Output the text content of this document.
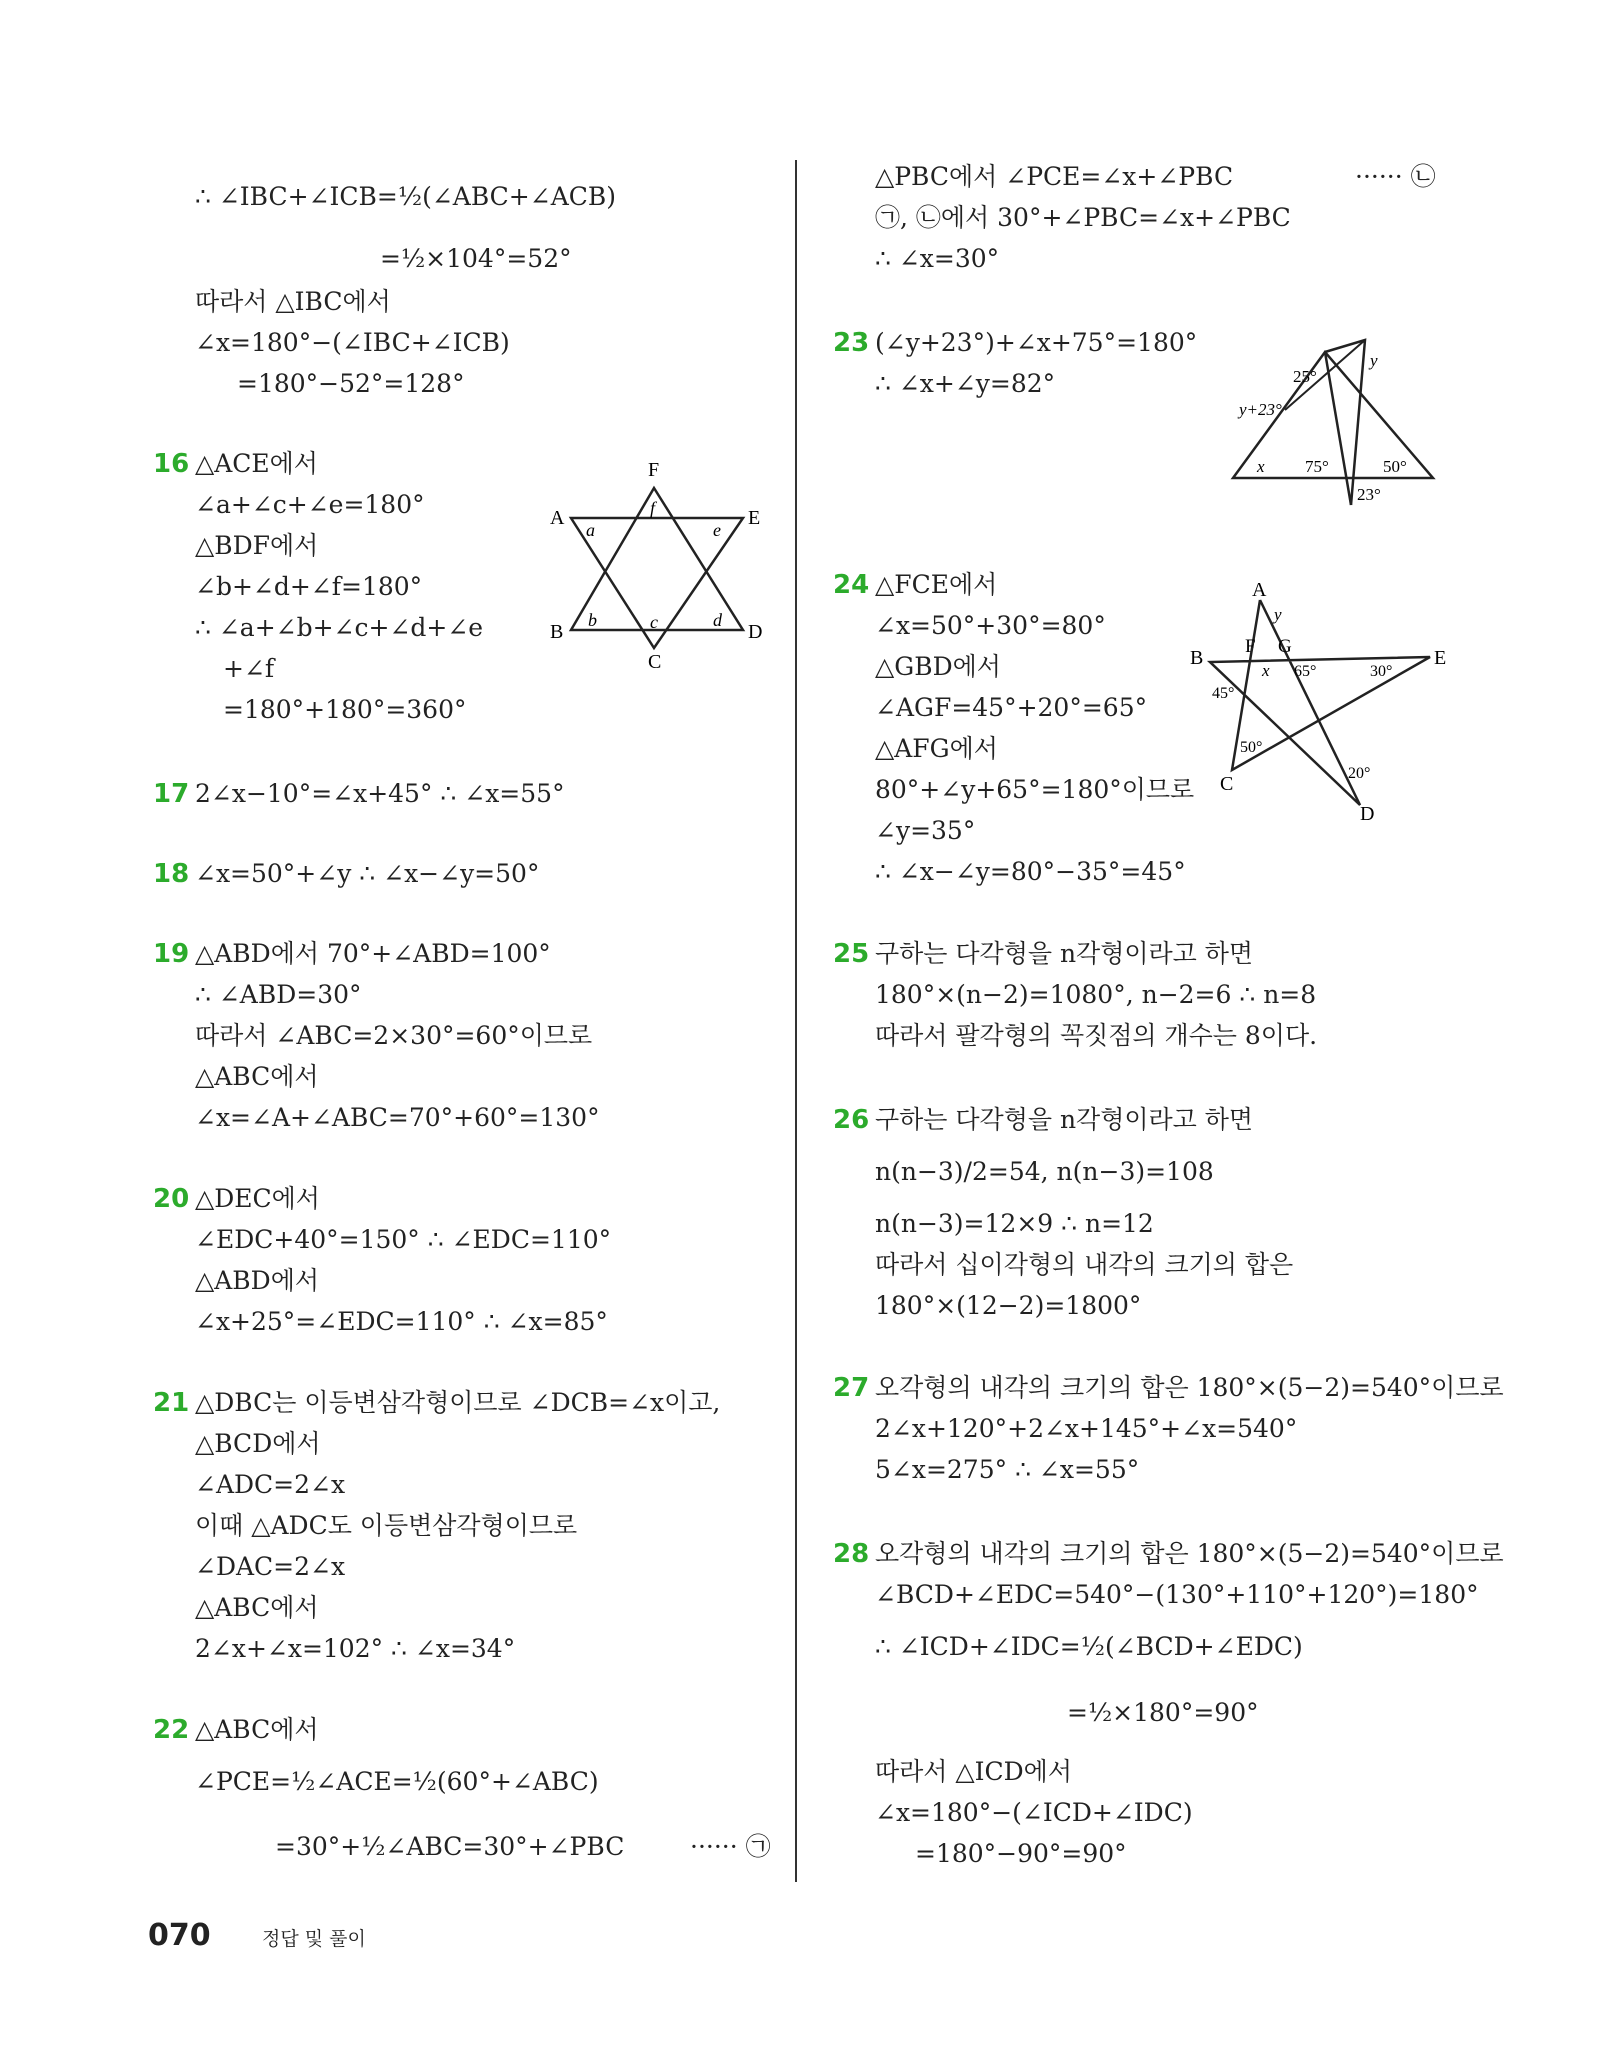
∴ ∠IBC+∠ICB=½(∠ABC+∠ACB)
=½×104°=52°
따라서 △IBC에서
∠x=180°−(∠IBC+∠ICB)
=180°−52°=128°
△ACE에서
∠a+∠c+∠e=180°
△BDF에서
∠b+∠d+∠f=180°
∴ ∠a+∠b+∠c+∠d+∠e
+∠f
=180°+180°=360°
2∠x−10°=∠x+45° ∴ ∠x=55°
∠x=50°+∠y ∴ ∠x−∠y=50°
△ABD에서 70°+∠ABD=100°
∴ ∠ABD=30°
따라서 ∠ABC=2×30°=60°이므로
△ABC에서
∠x=∠A+∠ABC=70°+60°=130°
△DEC에서
∠EDC+40°=150° ∴ ∠EDC=110°
△ABD에서
∠x+25°=∠EDC=110° ∴ ∠x=85°
△DBC는 이등변삼각형이므로 ∠DCB=∠x이고,
△BCD에서
∠ADC=2∠x
이때 △ADC도 이등변삼각형이므로
∠DAC=2∠x
△ABC에서
2∠x+∠x=102° ∴ ∠x=34°
△ABC에서
∠PCE=½∠ACE=½(60°+∠ABC)
=30°+½∠ABC=30°+∠PBC	······ ㉠
16
17
18
19
20
21
22
△PBC에서 ∠PCE=∠x+∠PBC	······ ㉡
㉠, ㉡에서 30°+∠PBC=∠x+∠PBC
∴ ∠x=30°
(∠y+23°)+∠x+75°=180°
∴ ∠x+∠y=82°
△FCE에서
∠x=50°+30°=80°
△GBD에서
∠AGF=45°+20°=65°
△AFG에서
80°+∠y+65°=180°이므로
∠y=35°
∴ ∠x−∠y=80°−35°=45°
구하는 다각형을 n각형이라고 하면
180°×(n−2)=1080°, n−2=6 ∴ n=8
따라서 팔각형의 꼭짓점의 개수는 8이다.
구하는 다각형을 n각형이라고 하면
n(n−3)/2=54, n(n−3)=108
n(n−3)=12×9 ∴ n=12
따라서 십이각형의 내각의 크기의 합은
180°×(12−2)=1800°
오각형의 내각의 크기의 합은 180°×(5−2)=540°이므로
2∠x+120°+2∠x+145°+∠x=540°
5∠x=275° ∴ ∠x=55°
오각형의 내각의 크기의 합은 180°×(5−2)=540°이므로
∠BCD+∠EDC=540°−(130°+110°+120°)=180°
∴ ∠ICD+∠IDC=½(∠BCD+∠EDC)
=½×180°=90°
따라서 △ICD에서
∠x=180°−(∠ICD+∠IDC)
=180°−90°=90°
23
24
25
26
27
28
F
A	E
B	D
C
a	e
f
b	d
c
25°
y+23°
y
x 75°	50°
23°
A
B
C
D
E
F G
y
x
45°
50°
65°	30°
20°
070	정답 및 풀이
